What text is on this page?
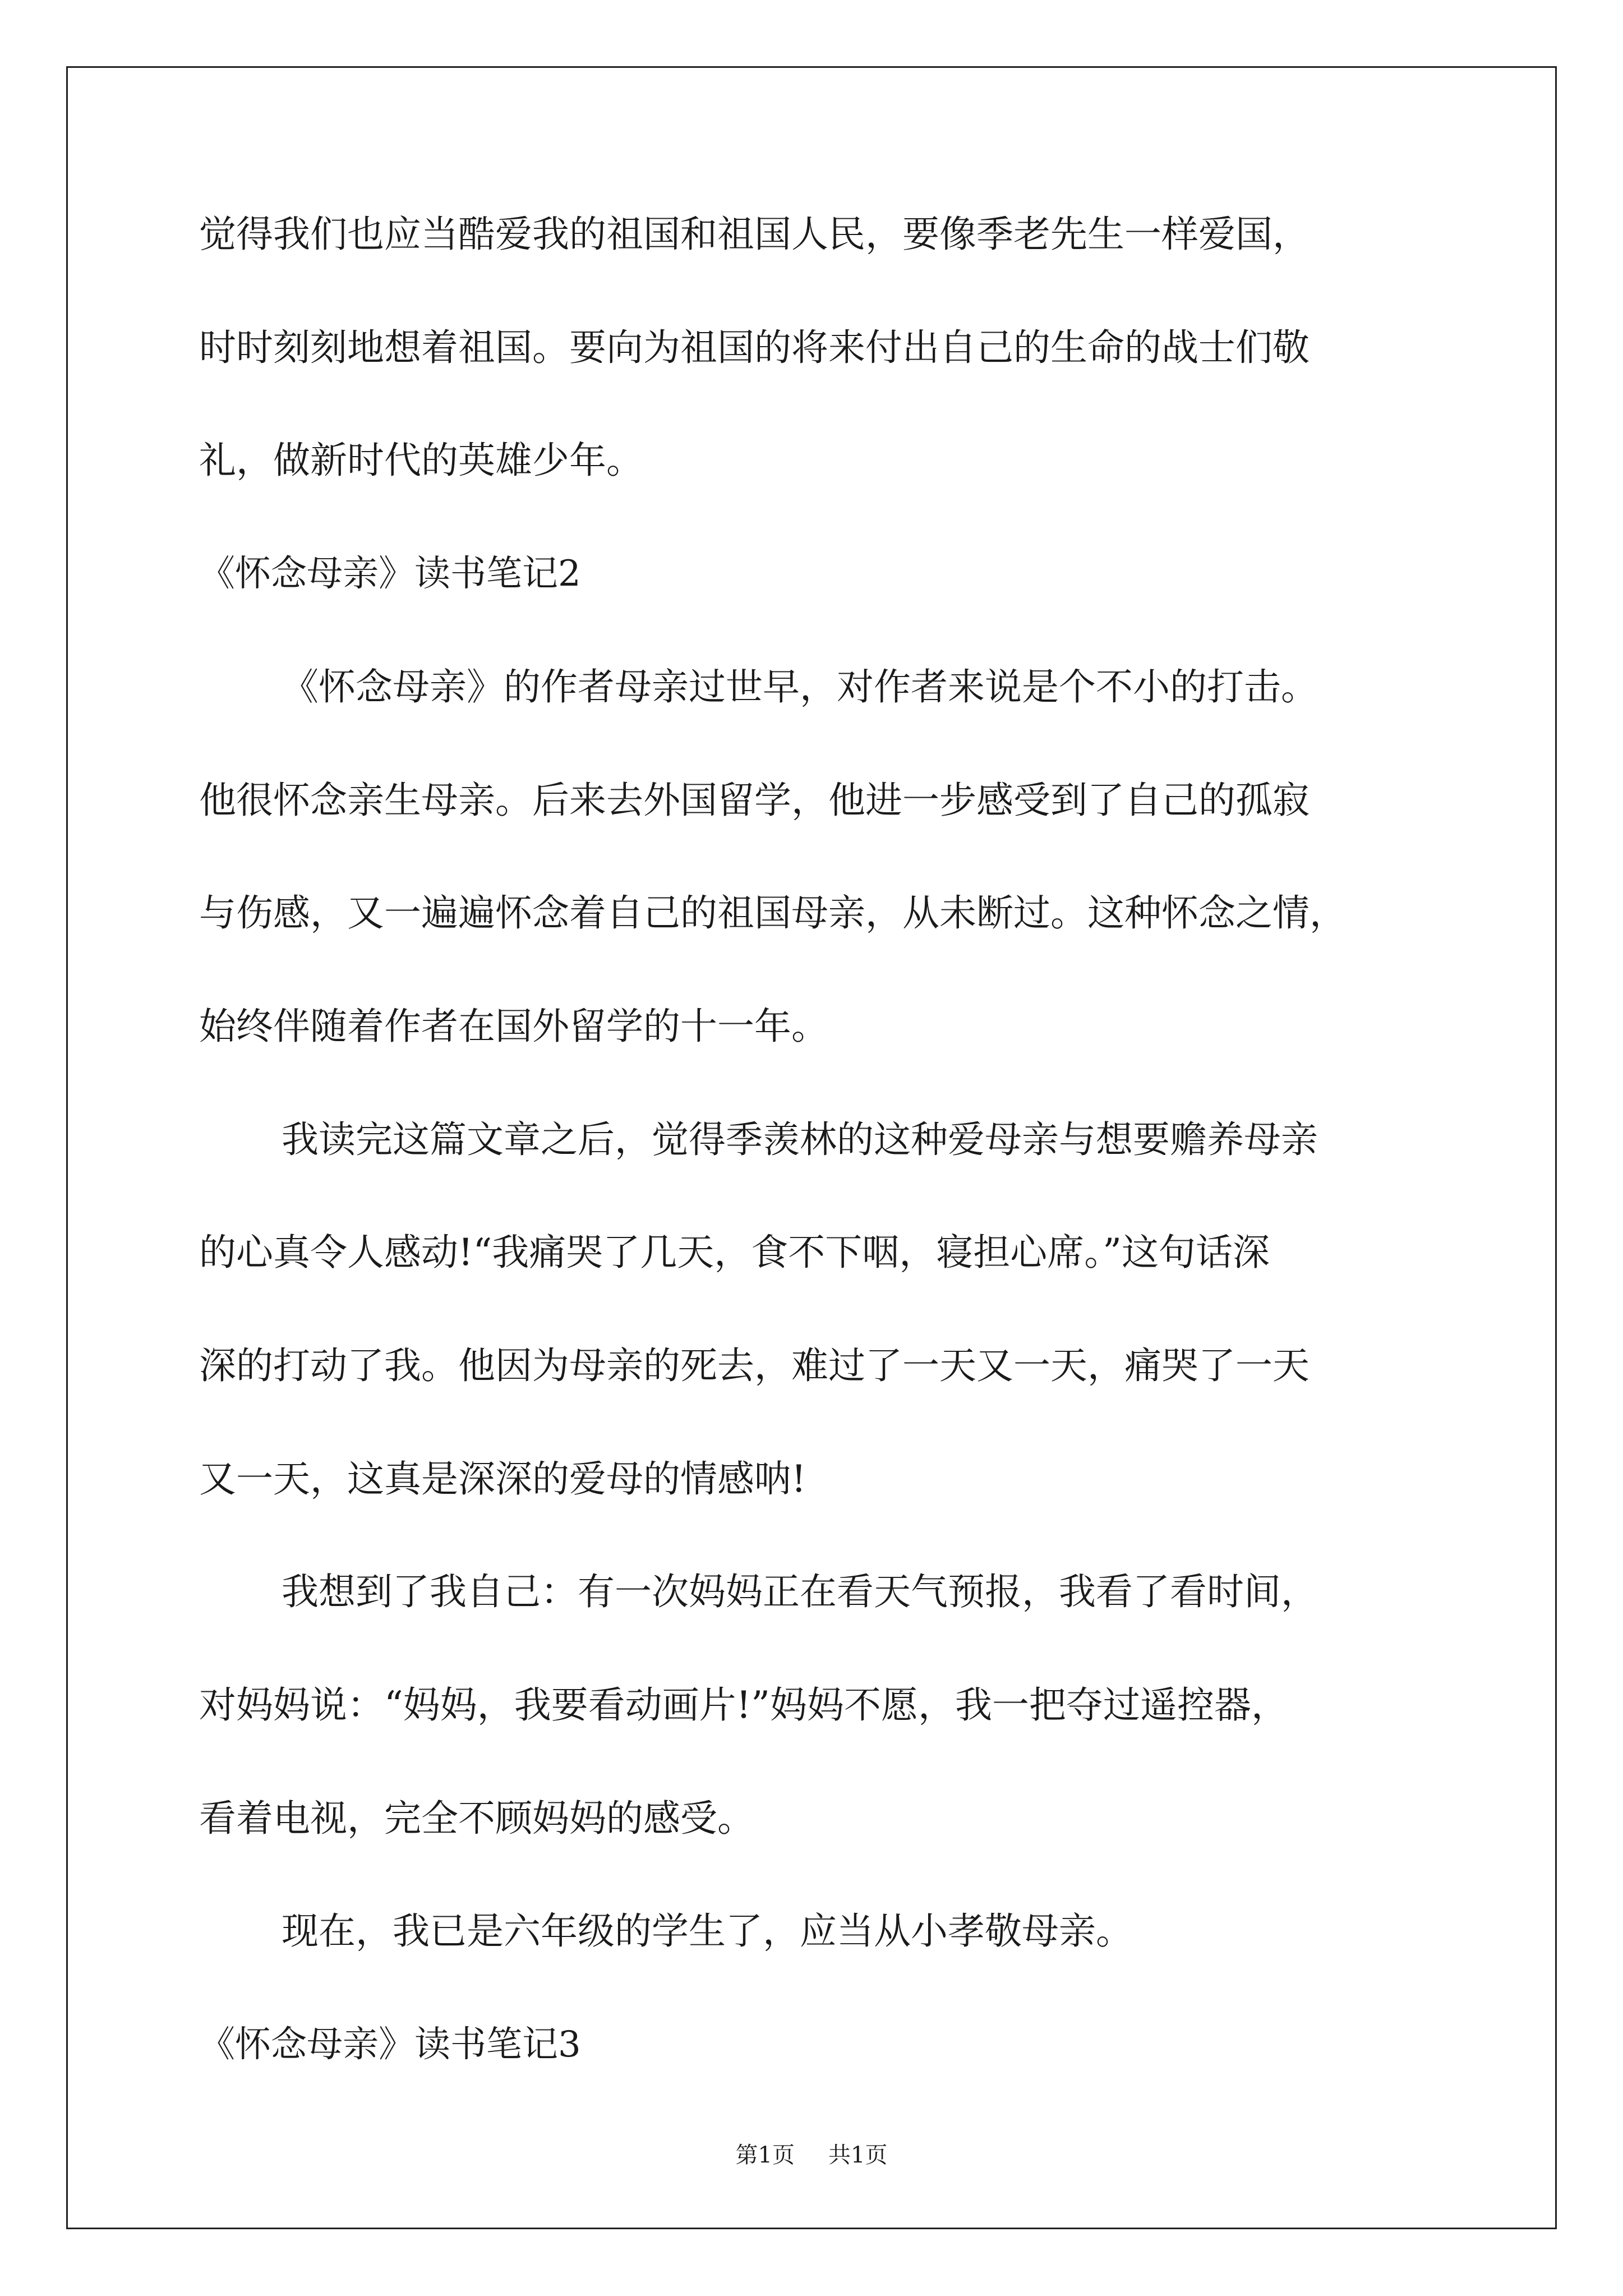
觉得我们也应当酷爱我的祖国和祖国人民，要像季老先生一样爱国，
时时刻刻地想着祖国。要向为祖国的将来付出自己的生命的战士们敬
礼，做新时代的英雄少年。
《怀念母亲》读书笔记2
《怀念母亲》的作者母亲过世早，对作者来说是个不小的打击。
他很怀念亲生母亲。后来去外国留学，他进一步感受到了自己的孤寂
与伤感，又一遍遍怀念着自己的祖国母亲，从未断过。这种怀念之情，
始终伴随着作者在国外留学的十一年。
我读完这篇文章之后，觉得季羡林的这种爱母亲与想要赡养母亲
的心真令人感动!“我痛哭了几天，食不下咽，寝担心席。”这句话深
深的打动了我。他因为母亲的死去，难过了一天又一天，痛哭了一天
又一天，这真是深深的爱母的情感呐!
我想到了我自己：有一次妈妈正在看天气预报，我看了看时间，
对妈妈说：“妈妈，我要看动画片!”妈妈不愿，我一把夺过遥控器，
看着电视，完全不顾妈妈的感受。
现在，我已是六年级的学生了，应当从小孝敬母亲。
《怀念母亲》读书笔记3
第1页 共1页
